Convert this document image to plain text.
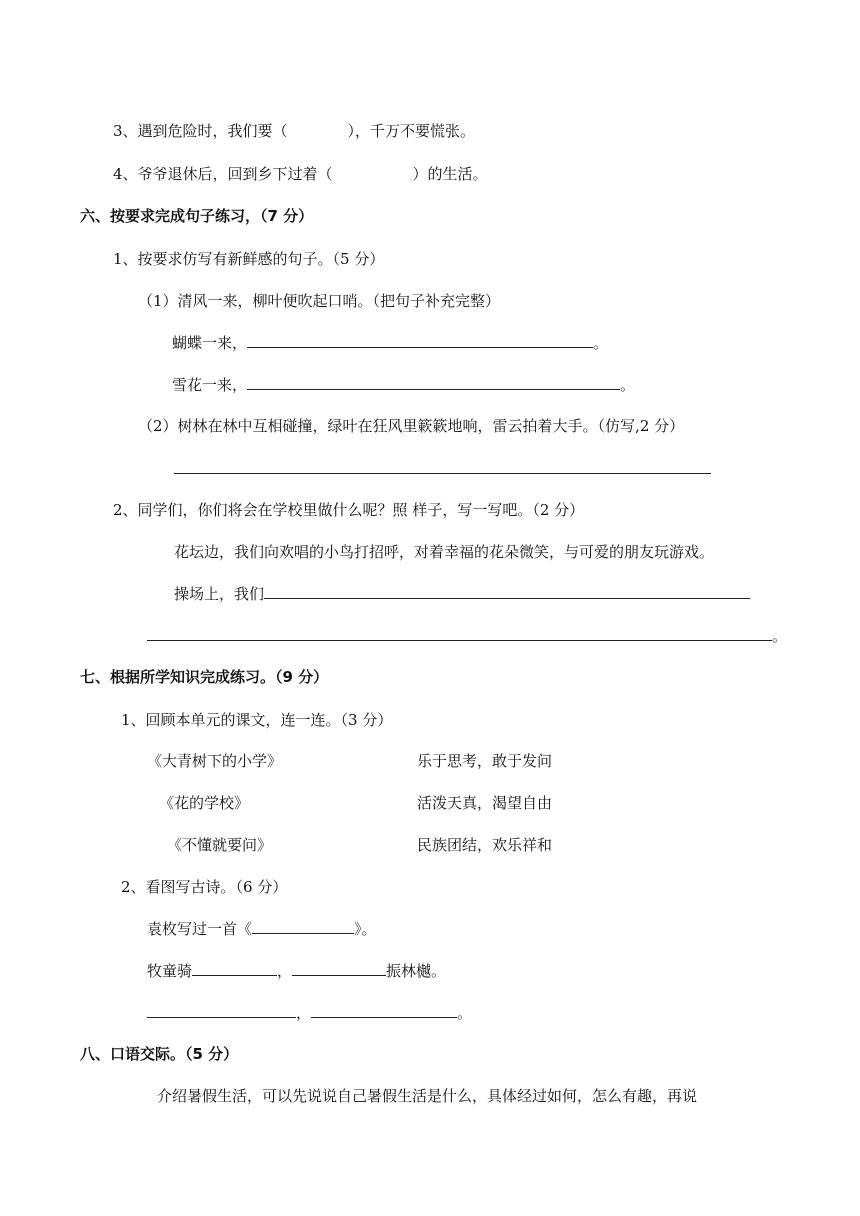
3、遇到危险时，我们要（	），千万不要慌张。
4、爷爷退休后，回到乡下过着（	）的生活。
六、按要求完成句子练习，（7 分）
1、按要求仿写有新鲜感的句子。（5 分）
（1）清风一来，柳叶便吹起口哨。（把句子补充完整）
蝴蝶一来，	。
雪花一来，	。
（2）树林在林中互相碰撞，绿叶在狂风里簌簌地响，雷云拍着大手。（仿写,2 分）
2、同学们，你们将会在学校里做什么呢？照 样子，写一写吧。（2 分）
花坛边，我们向欢唱的小鸟打招呼，对着幸福的花朵微笑，与可爱的朋友玩游戏。
操场上，我们
。
七、根据所学知识完成练习。（9 分）
1、回顾本单元的课文，连一连。（3 分）
《大青树下的小学》
《花的学校》
《不懂就要问》
乐于思考，敢于发问
活泼天真，渴望自由
民族团结，欢乐祥和
2、看图写古诗。（6 分）
袁枚写过一首《	》。
牧童骑	，	振林樾。
，	。
八、口语交际。（5 分）
介绍暑假生活，可以先说说自己暑假生活是什么，具体经过如何，怎么有趣，再说
